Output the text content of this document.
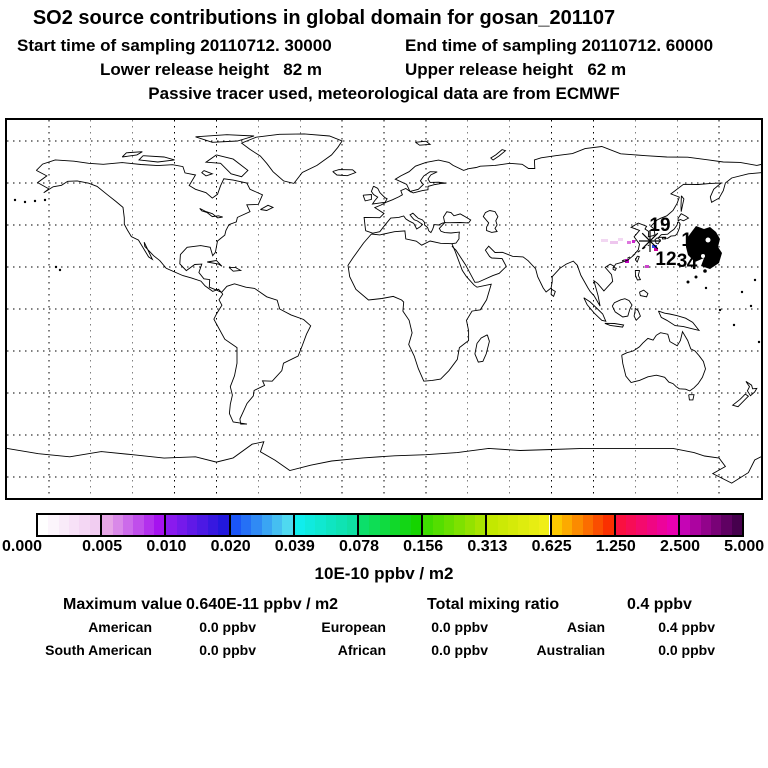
SO2 source contributions in global domain for gosan_201107
Start time of sampling 20110712. 30000	End time of sampling 20110712. 60000
Lower release height   82 m	Upper release height   62 m
Passive tracer used, meteorological data are from ECMWF
19
16
12 3 4
0.000	0.005 0.010 0.020 0.039 0.078 0.156 0.313 0.625 1.250 2.500 5.000
10E-10 ppbv / m2
Maximum value 0.640E-11 ppbv / m2	Total mixing ratio	0.4 ppbv
American	0.0 ppbv	European	0.0 ppbv	Asian	0.4 ppbv
South American	0.0 ppbv	African	0.0 ppbv	Australian	0.0 ppbv
